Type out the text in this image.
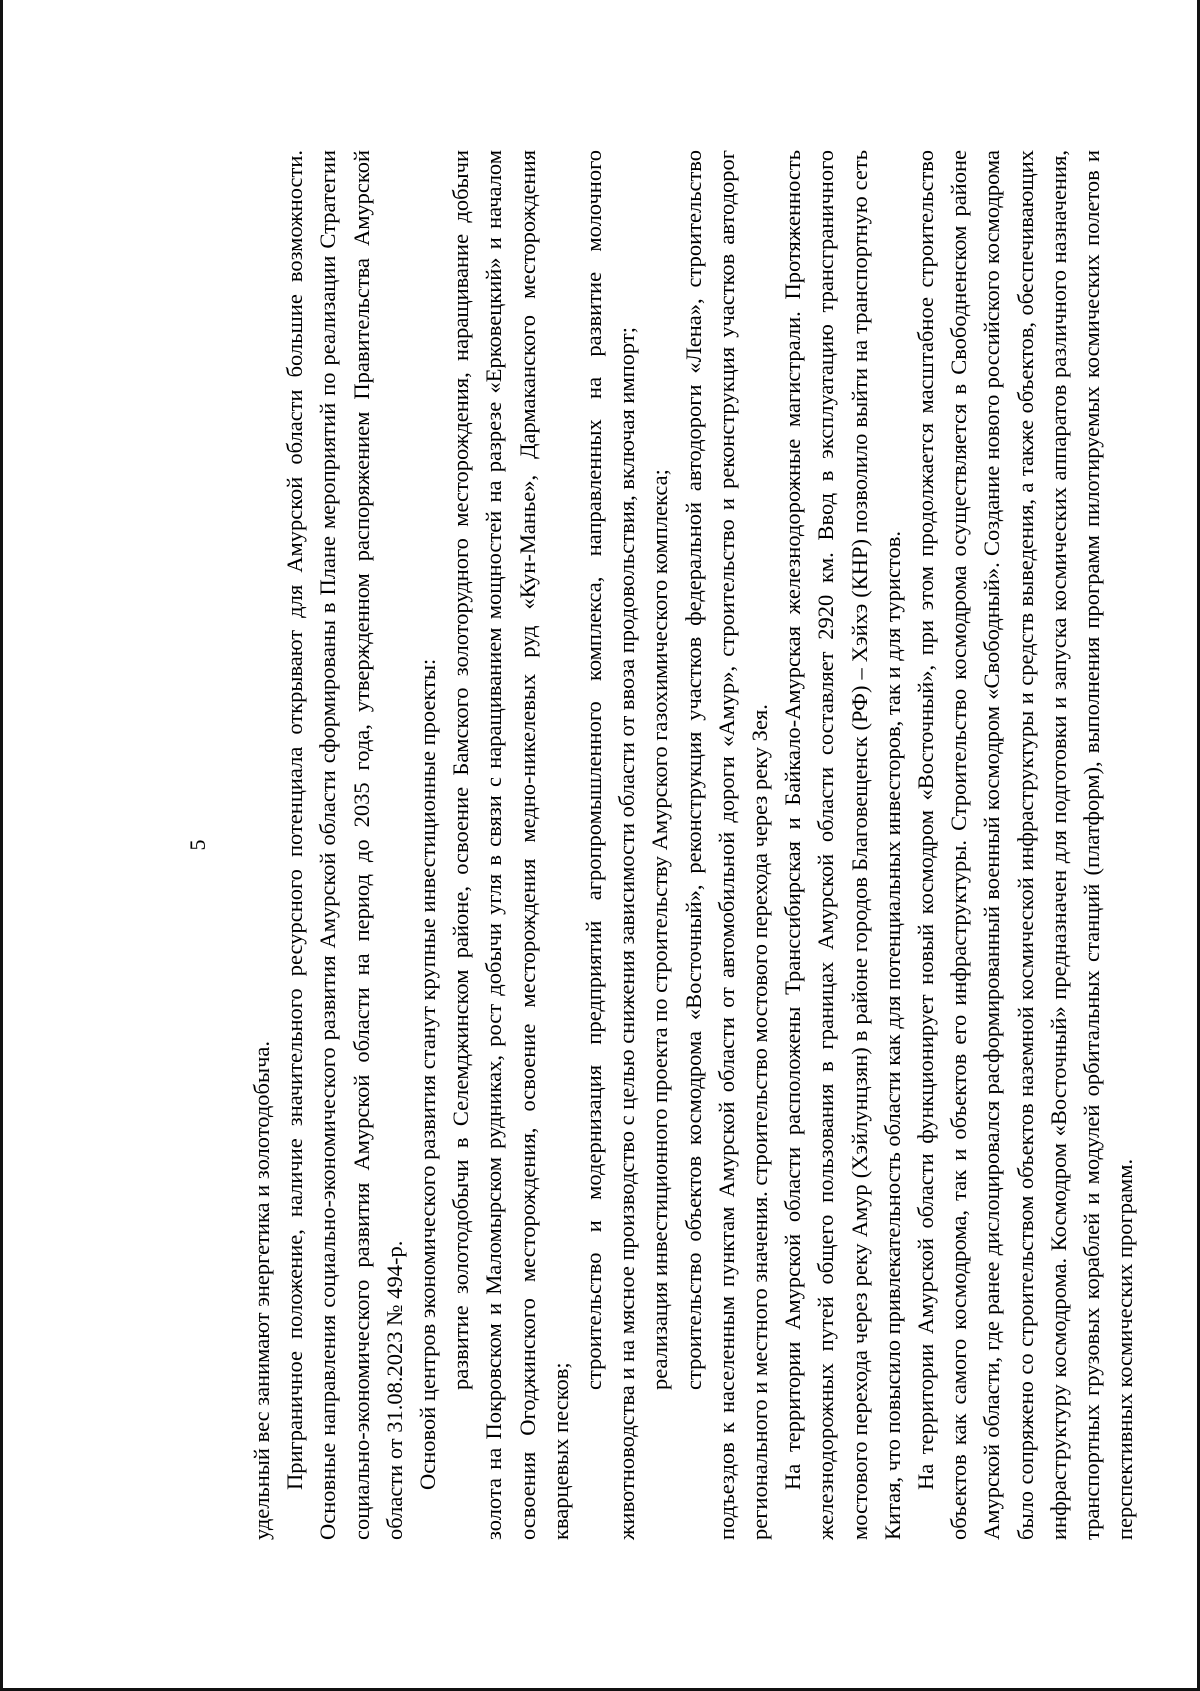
5

удельный вес занимают энергетика и золотодобыча. Приграничное положение, наличие значительного ресурсного потенциала открывают для Амурской области большие возможности. Основные направления социально-экономического развития Амурской области сформированы в Плане мероприятий по реализации Стратегии социально-экономического развития Амурской области на период до 2035 года, утвержденном распоряжением Правительства Амурской области от 31.08.2023 № 494-р. Основой центров экономического развития станут крупные инвестиционные проекты: развитие золотодобычи в Селемджинском районе, освоение Бамского золоторудного месторождения, наращивание добычи золота на Покровском и Маломырском рудниках, рост добычи угля в связи с наращиванием мощностей на разрезе «Ерковецкий» и началом освоения Огоджинского месторождения, освоение месторождения медно-никелевых руд «Кун-Манье», Дармаканского месторождения кварцевых песков;

строительство и модернизация предприятий агропромышленного комплекса, направленных на развитие молочного животноводства и на мясное производство с целью снижения зависимости области от ввоза продовольствия, включая импорт; реализация инвестиционного проекта по строительству Амурского газохимического комплекса; строительство объектов космодрома «Восточный», реконструкция участков федеральной автодороги «Лена», строительство подъездов к населенным пунктам Амурской области от автомобильной дороги «Амур», строительство и реконструкция участков автодорог регионального и местного значения. строительство мостового перехода через реку Зея. На территории Амурской области расположены Транссибирская и Байкало-Амурская железнодорожные магистрали. Протяженность железнодорожных путей общего пользования в границах Амурской области составляет 2920 км. Ввод в эксплуатацию трансграничного мостового перехода через реку Амур (Хэйлунцзян) в районе городов Благовещенск (РФ) – Хэйхэ (КНР) позволило выйти на транспортную сеть Китая, что повысило привлекательность области как для потенциальных инвесторов, так и для туристов. На территории Амурской области функционирует новый космодром «Восточный», при этом продолжается масштабное строительство объектов как самого космодрома, так и объектов его инфраструктуры. Строительство космодрома осуществляется в Свободненском районе Амурской области, где ранее дислоцировался расформированный военный космодром «Свободный». Создание нового российского космодрома было сопряжено со строительством объектов наземной космической инфраструктуры и средств выведения, а также объектов, обеспечивающих инфраструктуру космодрома. Космодром «Восточный» предназначен для подготовки и запуска космических аппаратов различного назначения, транспортных грузовых кораблей и модулей орбитальных станций (платформ), выполнения программ пилотируемых космических полетов и перспективных космических программ.
